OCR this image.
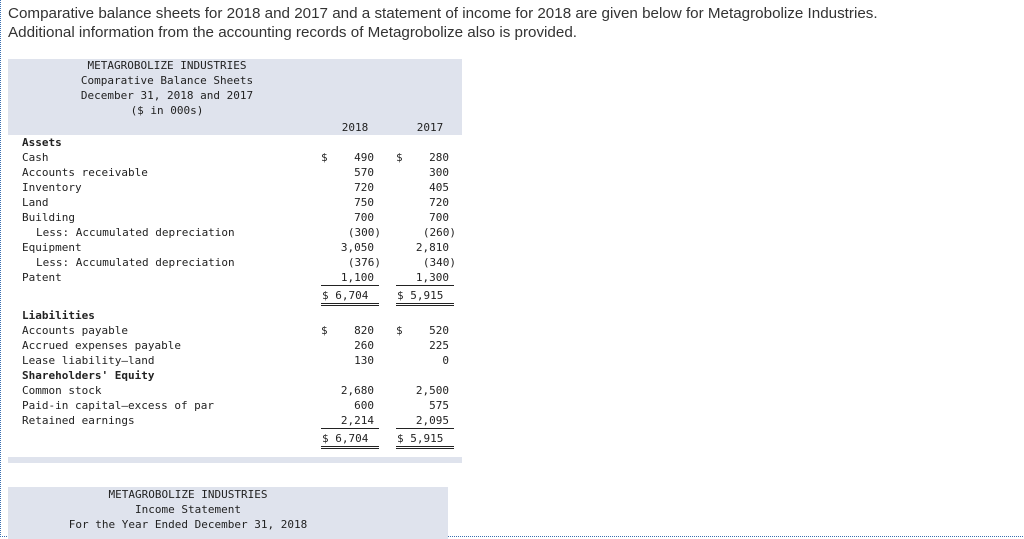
Comparative balance sheets for 2018 and 2017 and a statement of income for 2018 are given below for Metagrobolize Industries.
Additional information from the accounting records of Metagrobolize also is provided.
METAGROBOLIZE INDUSTRIES
Comparative Balance Sheets
December 31, 2018 and 2017
($ in 000s)
2018	2017
Assets
Cash	$ 490 $ 280
Accounts receivable	570	300
Inventory	720	405
Land	750	720
Building	700	700
Less: Accumulated depreciation	(300)	(260)
Equipment	3,050	2,810
Less: Accumulated depreciation	(376)	(340)
Patent	1,100	1,300
$ 6,704	$ 5,915
Liabilities
Accounts payable	$ 820 $ 520
Accrued expenses payable	260	225
Lease liability–land	130	0
Shareholders' Equity
Common stock	2,680	2,500
Paid-in capital–excess of par	600	575
Retained earnings	2,214	2,095
$ 6,704	$ 5,915
METAGROBOLIZE INDUSTRIES
Income Statement
For the Year Ended December 31, 2018
